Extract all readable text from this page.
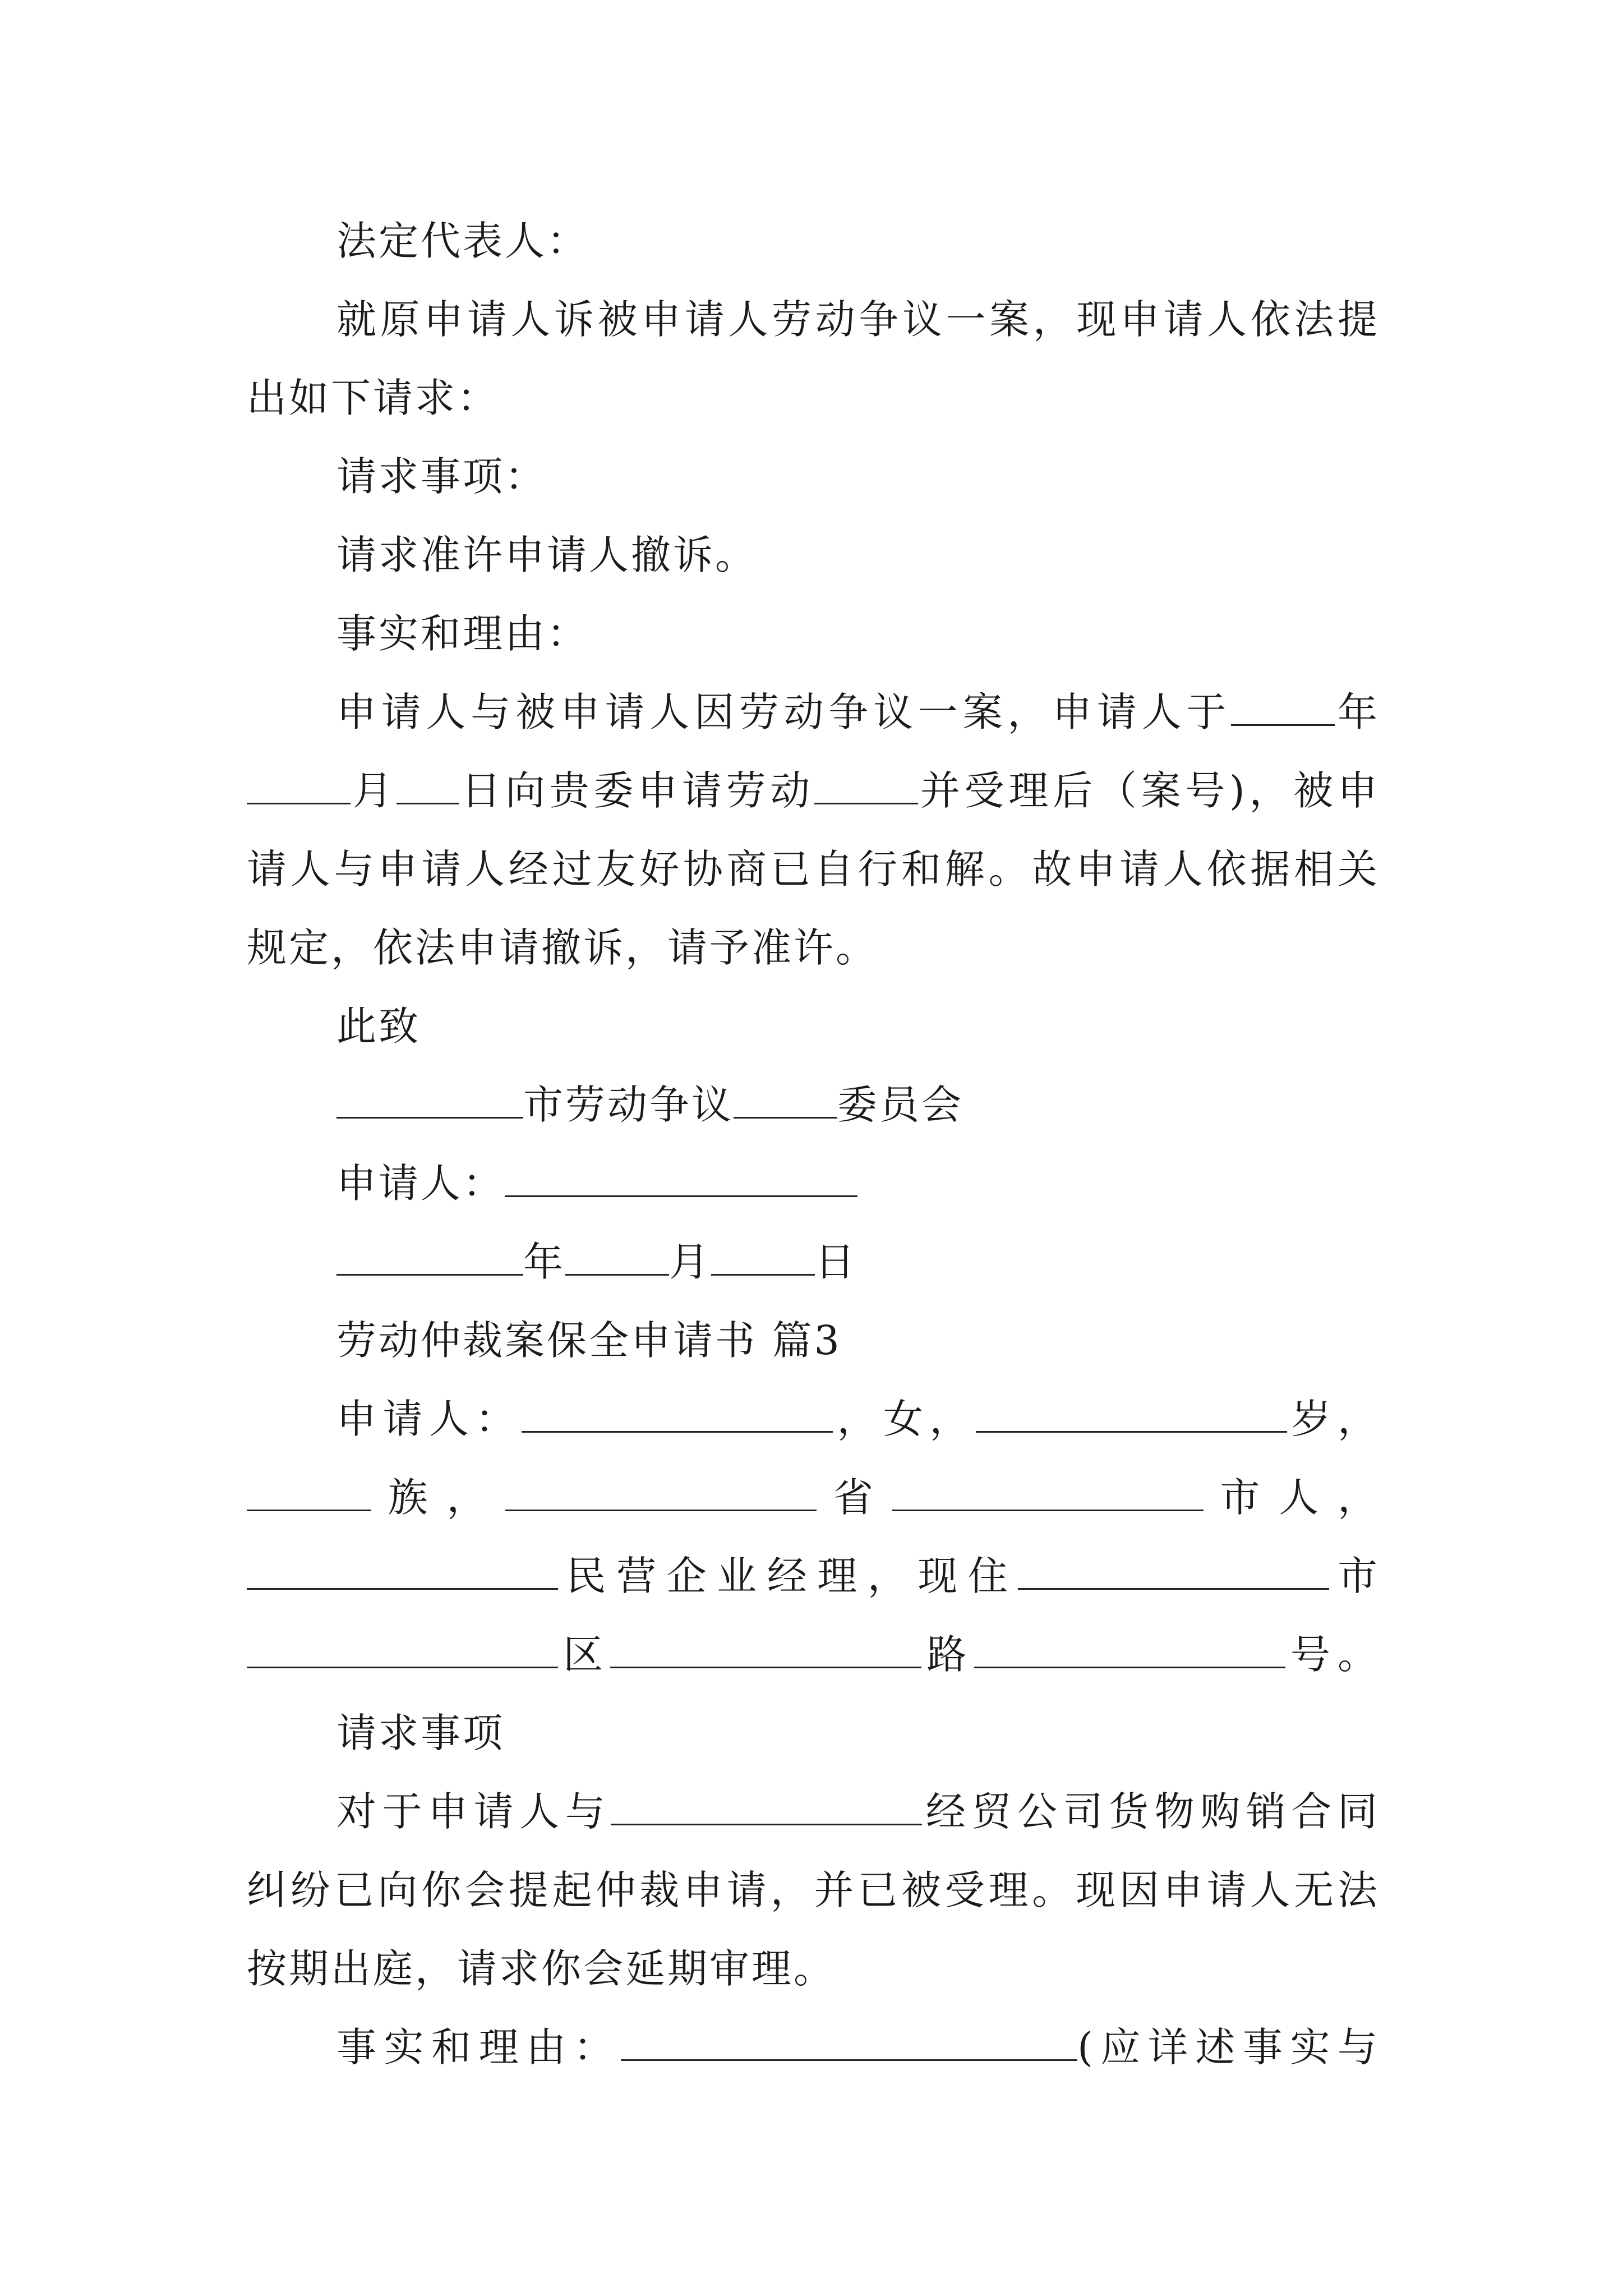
法定代表人：
就原申请人诉被申请人劳动争议一案，现申请人依法提
出如下请求：
请求事项：
请求准许申请人撤诉。
事实和理由：
申请人与被申请人因劳动争议一案，申请人于	年
月 日向贵委申请劳动	并受理后（案号)，被申
请人与申请人经过友好协商已自行和解。故申请人依据相关
规定，依法申请撤诉，请予准许。
此致
市劳动争议	委员会
申请人：
年	月	日
劳动仲裁案保全申请书 篇3
申请人：	，女，	岁，
族，	省	市人，
民营企业经理，现住	市
区	路	号。
请求事项
对于申请人与	经贸公司货物购销合同
纠纷已向你会提起仲裁申请，并已被受理。现因申请人无法
按期出庭，请求你会延期审理。
事实和理由：	(应详述事实与
